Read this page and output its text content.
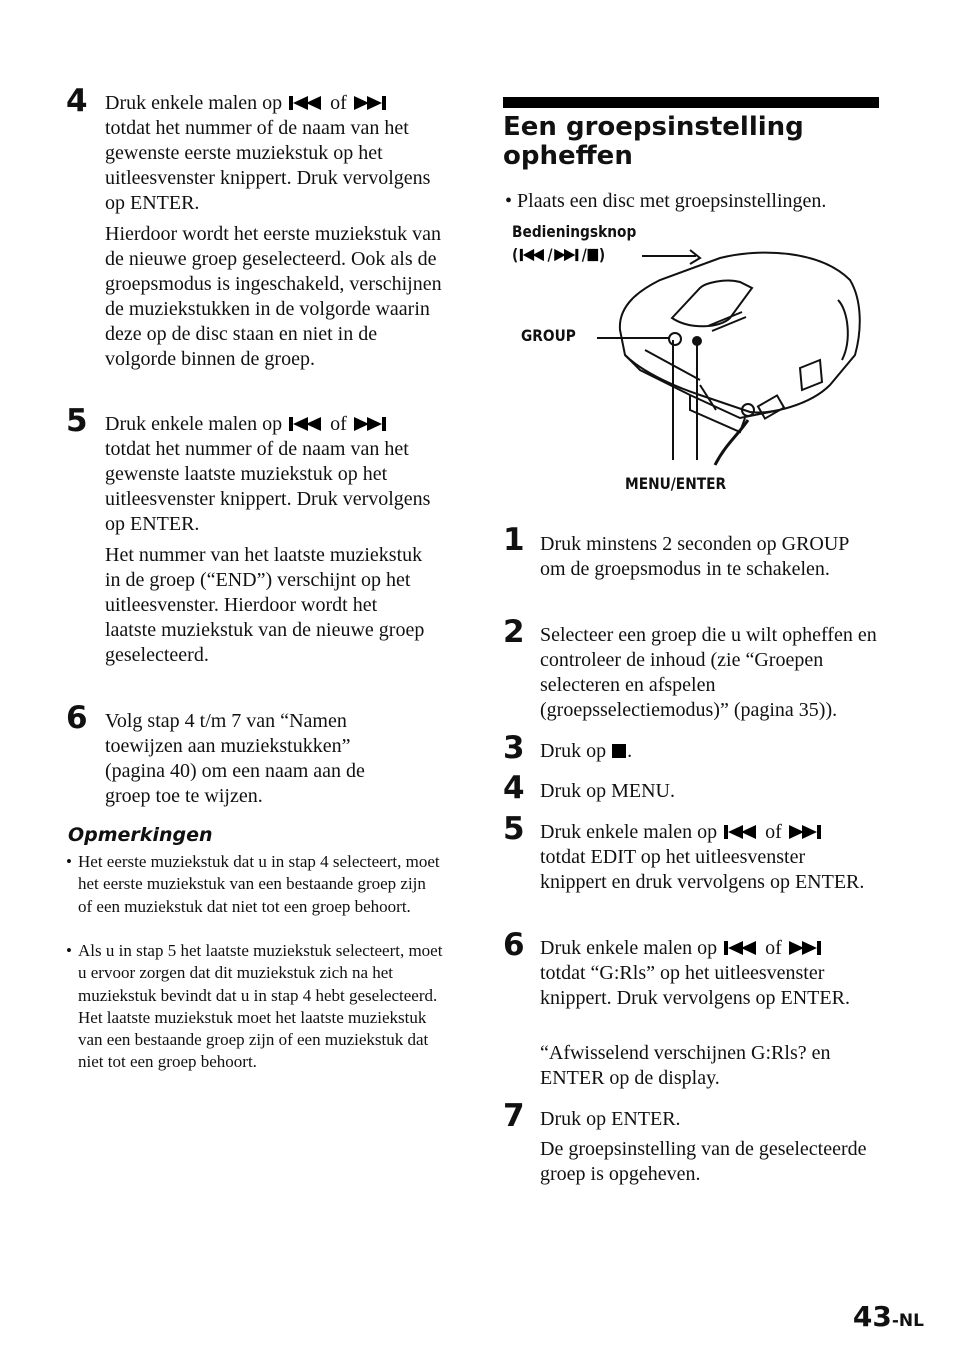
4 Druk enkele malen op  of
totdat het nummer of de naam van het gewenste eerste muziekstuk op het uitleesvenster knippert. Druk vervolgens op ENTER.
Hierdoor wordt het eerste muziekstuk van de nieuwe groep geselecteerd. Ook als de groepsmodus is ingeschakeld, verschijnen de muziekstukken in de volgorde waarin deze op de disc staan en niet in de volgorde binnen de groep.
5 Druk enkele malen op  of
totdat het nummer of de naam van het gewenste laatste muziekstuk op het uitleesvenster knippert. Druk vervolgens op ENTER.
Het nummer van het laatste muziekstuk in de groep (“END”) verschijnt op het uitleesvenster. Hierdoor wordt het laatste muziekstuk van de nieuwe groep geselecteerd.
6 Volg stap 4 t/m 7 van “Namen toewijzen aan muziekstukken” (pagina 40) om een naam aan de groep toe te wijzen.
Opmerkingen
• Het eerste muziekstuk dat u in stap 4 selecteert, moet het eerste muziekstuk van een bestaande groep zijn of een muziekstuk dat niet tot een groep behoort.
• Als u in stap 5 het laatste muziekstuk selecteert, moet u ervoor zorgen dat dit muziekstuk zich na het muziekstuk bevindt dat u in stap 4 hebt geselecteerd. Het laatste muziekstuk moet het laatste muziekstuk van een bestaande groep zijn of een muziekstuk dat niet tot een groep behoort.
Een groepsinstelling
opheffen
• Plaats een disc met groepsinstellingen.
Bedieningsknop
( / / )
GROUP
MENU/ENTER
1 Druk minstens 2 seconden op GROUP om de groepsmodus in te schakelen.
2 Selecteer een groep die u wilt opheffen en controleer de inhoud (zie “Groepen selecteren en afspelen (groepsselectiemodus)” (pagina 35)).
3 Druk op .
4 Druk op MENU.
5 Druk enkele malen op  of
totdat EDIT op het uitleesvenster knippert en druk vervolgens op ENTER.
6 Druk enkele malen op  of
totdat “G:Rls” op het uitleesvenster knippert. Druk vervolgens op ENTER.
“Afwisselend verschijnen G:Rls? en ENTER op de display.
7 Druk op ENTER.
De groepsinstelling van de geselecteerde groep is opgeheven.
43-NL
